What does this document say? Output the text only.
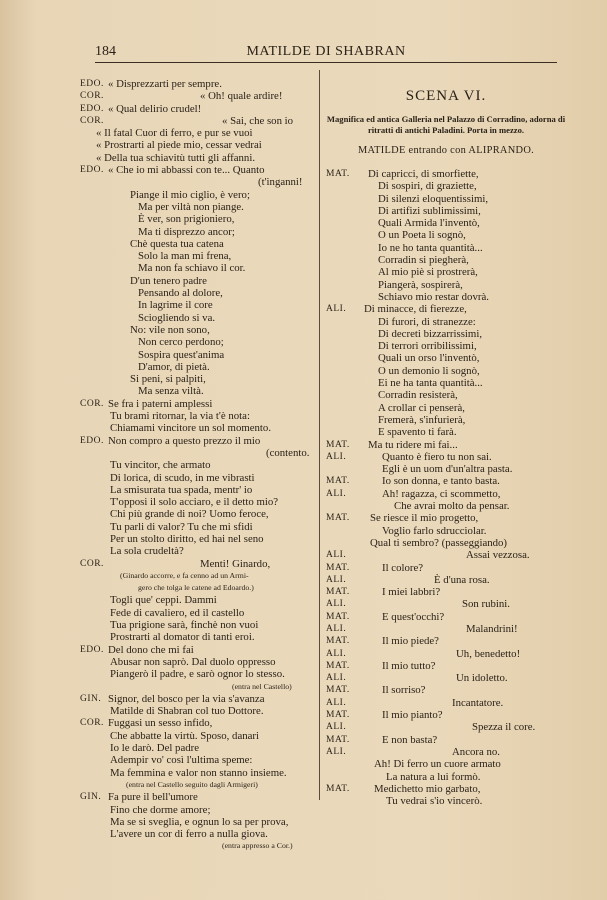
184	MATILDE DI SHABRAN
EDO. « Disprezzarti per sempre.
COR.	« Oh! quale ardire!
EDO. « Qual delirio crudel!
COR.	« Sai, che son io
« Il fatal Cuor di ferro, e pur se vuoi
« Prostrarti al piede mio, cessar vedrai
« Della tua schiavitù tutti gli affanni.
EDO. « Che io mi abbassi con te... Quanto
(t'inganni!
Piange il mio ciglio, è vero;
Ma per viltà non piange.
È ver, son prigioniero,
Ma ti disprezzo ancor;
Chè questa tua catena
Solo la man mi frena,
Ma non fa schiavo il cor.
D'un tenero padre
Pensando al dolore,
In lagrime il core
Sciogliendo si va.
No: vile non sono,
Non cerco perdono;
Sospira quest'anima
D'amor, di pietà.
Si peni, si palpiti,
Ma senza viltà.
COR. Se fra i paterni amplessi
Tu brami ritornar, la via t'è nota:
Chiamami vincitore un sol momento.
EDO. Non compro a questo prezzo il mio
(contento.
Tu vincitor, che armato
Di lorica, di scudo, in me vibrasti
La smisurata tua spada, mentr' io
T'opposi il solo acciaro, e il detto mio?
Chi più grande di noi? Uomo feroce,
Tu parli di valor? Tu che mi sfidi
Per un stolto diritto, ed hai nel seno
La sola crudeltà?
COR.	Menti! Ginardo,
(Ginardo accorre, e fa cenno ad un Armi-
gero che tolga le catene ad Edoardo.)
Togli que' ceppi. Dammi
Fede di cavaliero, ed il castello
Tua prigione sarà, finchè non vuoi
Prostrarti al domator di tanti eroi.
EDO. Del dono che mi fai
Abusar non saprò. Dal duolo oppresso
Piangerò il padre, e sarò ognor lo stesso.
(entra nel Castello)
GIN. Signor, del bosco per la via s'avanza
Matilde di Shabran col tuo Dottore.
COR. Fuggasi un sesso infido,
Che abbatte la virtù. Sposo, danari
Io le darò. Del padre
Adempir vo' così l'ultima speme:
Ma femmina e valor non stanno insieme.
(entra nel Castello seguito dagli Armigeri)
GIN. Fa pure il bell'umore
Fino che dorme amore;
Ma se si sveglia, e ognun lo sa per prova,
L'avere un cor di ferro a nulla giova.
(entra appresso a Cor.)
SCENA VI.
Magnifica ed antica Galleria nel Palazzo di Corradino, adorna di ritratti di antichi Paladini. Porta in mezzo.
MATILDE entrando con ALIPRANDO.
MAT. Di capricci, di smorfiette,
Di sospiri, di graziette,
Di silenzi eloquentissimi,
Di artifizi sublimissimi,
Quali Armida l'inventò,
O un Poeta li sognò,
Io ne ho tanta quantità...
Corradin si piegherà,
Al mio piè si prostrerà,
Piangerà, sospirerà,
Schiavo mio restar dovrà.
ALI. Di minacce, di fierezze,
Di furori, di stranezze:
Di decreti bizzarrissimi,
Di terrori orribilissimi,
Quali un orso l'inventò,
O un demonio li sognò,
Ei ne ha tanta quantità...
Corradin resisterà,
A crollar ci penserà,
Fremerà, s'infurierà,
E spavento ti farà.
MAT. Ma tu ridere mi fai...
ALI.	Quanto è fiero tu non sai.
Egli è un uom d'un'altra pasta.
MAT.	Io son donna, e tanto basta.
ALI.	Ah! ragazza, ci scommetto,
Che avrai molto da pensar.
MAT. Se riesce il mio progetto,
Voglio farlo sdrucciolar.
Qual ti sembro? (passeggiando)
ALI.	Assai vezzosa.
MAT.	Il colore?
ALI.	È d'una rosa.
MAT.	I miei labbri?
ALI.	Son rubini.
MAT.	E quest'occhi?
ALI.	Malandrini!
MAT.	Il mio piede?
ALI.	Uh, benedetto!
MAT.	Il mio tutto?
ALI.	Un idoletto.
MAT.	Il sorriso?
ALI.	Incantatore.
MAT.	Il mio pianto?
ALI.	Spezza il core.
MAT.	E non basta?
ALI.	Ancora no.
Ah! Di ferro un cuore armato
La natura a lui formò.
MAT. Medichetto mio garbato,
Tu vedrai s'io vincerò.
